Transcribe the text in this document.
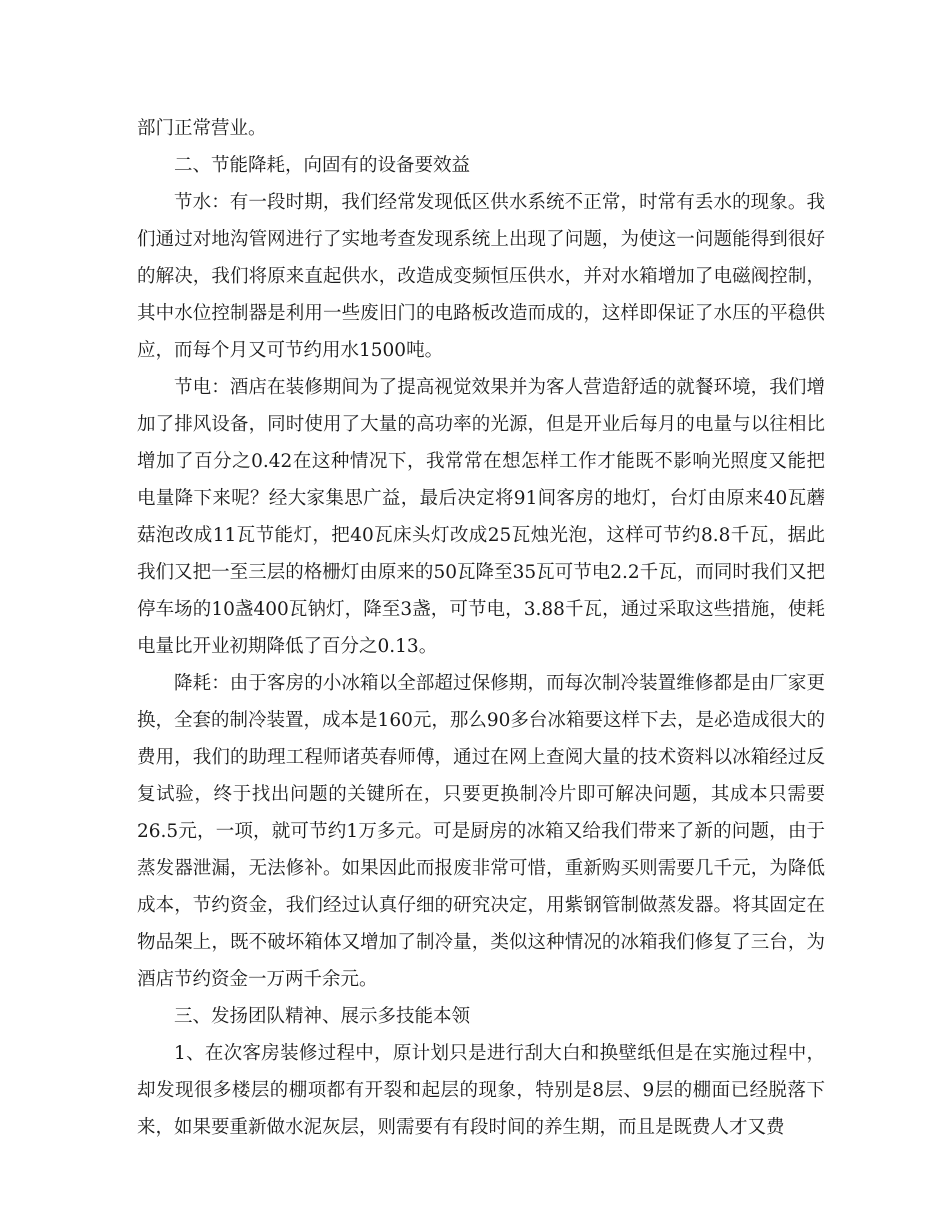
部门正常营业。

二、节能降耗，向固有的设备要效益

节水：有一段时期，我们经常发现低区供水系统不正常，时常有丢水的现象。我们通过对地沟管网进行了实地考查发现系统上出现了问题，为使这一问题能得到很好的解决，我们将原来直起供水，改造成变频恒压供水，并对水箱增加了电磁阀控制，其中水位控制器是利用一些废旧门的电路板改造而成的，这样即保证了水压的平稳供应，而每个月又可节约用水1500吨。

节电：酒店在装修期间为了提高视觉效果并为客人营造舒适的就餐环境，我们增加了排风设备，同时使用了大量的高功率的光源，但是开业后每月的电量与以往相比增加了百分之0.42在这种情况下，我常常在想怎样工作才能既不影响光照度又能把电量降下来呢？经大家集思广益，最后决定将91间客房的地灯，台灯由原来40瓦蘑菇泡改成11瓦节能灯，把40瓦床头灯改成25瓦烛光泡，这样可节约8.8千瓦，据此我们又把一至三层的格栅灯由原来的50瓦降至35瓦可节电2.2千瓦，而同时我们又把停车场的10盏400瓦钠灯，降至3盏，可节电，3.88千瓦，通过采取这些措施，使耗电量比开业初期降低了百分之0.13。

降耗：由于客房的小冰箱以全部超过保修期，而每次制冷装置维修都是由厂家更换，全套的制冷装置，成本是160元，那么90多台冰箱要这样下去，是必造成很大的费用，我们的助理工程师诸英春师傅，通过在网上查阅大量的技术资料以冰箱经过反复试验，终于找出问题的关键所在，只要更换制冷片即可解决问题，其成本只需要26.5元，一项，就可节约1万多元。可是厨房的冰箱又给我们带来了新的问题，由于蒸发器泄漏，无法修补。如果因此而报废非常可惜，重新购买则需要几千元，为降低成本，节约资金，我们经过认真仔细的研究决定，用紫钢管制做蒸发器。将其固定在物品架上，既不破坏箱体又增加了制冷量，类似这种情况的冰箱我们修复了三台，为酒店节约资金一万两千余元。

三、发扬团队精神、展示多技能本领

1、在次客房装修过程中，原计划只是进行刮大白和换壁纸但是在实施过程中，却发现很多楼层的棚项都有开裂和起层的现象，特别是8层、9层的棚面已经脱落下来，如果要重新做水泥灰层，则需要有有段时间的养生期，而且是既费人才又费
